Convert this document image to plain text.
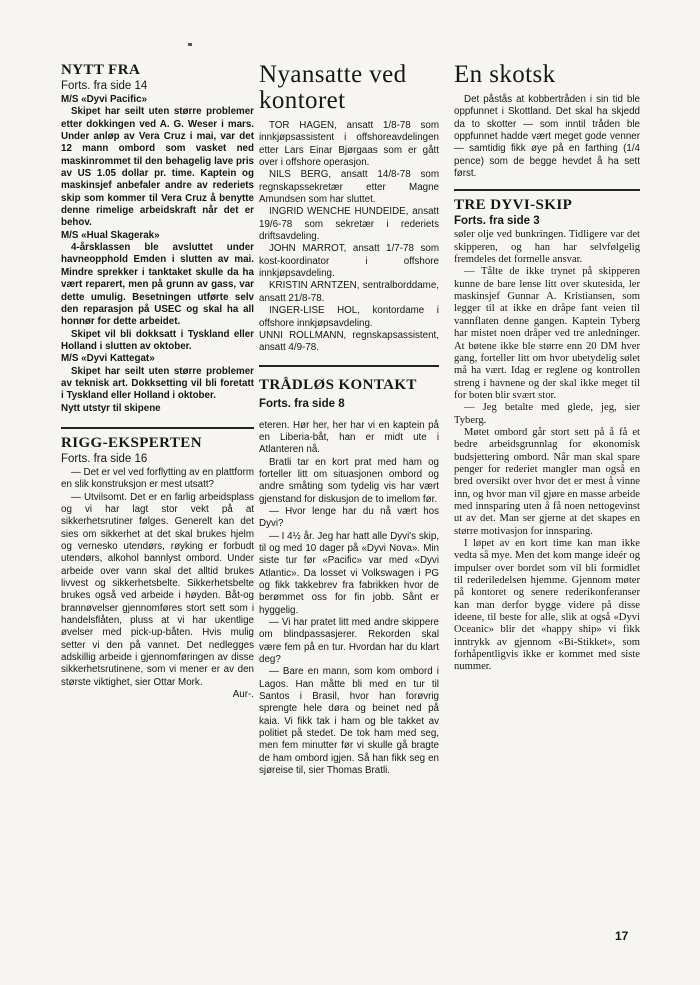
NYTT FRA
Forts. fra side 14

M/S «Dyvi Pacific»

Skipet har seilt uten større problemer etter dokkingen ved A. G. Weser i mars. Under anløp av Vera Cruz i mai, var det 12 mann ombord som vasket ned maskinrommet til den behagelig lave pris av US 1.05 dollar pr. time. Kaptein og maskinsjef anbefaler andre av rederiets skip som kommer til Vera Cruz å benytte denne rimelige arbeidskraft når det er behov.

M/S «Hual Skagerak»

4-årsklassen ble avsluttet under havneopphold Emden i slutten av mai. Mindre sprekker i tanktaket skulle da ha vært reparert, men på grunn av gass, var dette umulig. Besetningen utførte selv den reparasjon på USEC og skal ha all honnør for dette arbeidet.

Skipet vil bli dokksatt i Tyskland eller Holland i slutten av oktober.

M/S «Dyvi Kattegat»

Skipet har seilt uten større problemer av teknisk art. Dokksetting vil bli foretatt i Tyskland eller Holland i oktober.

Nytt utstyr til skipene

RIGG-EKSPERTEN
Forts. fra side 16

— Det er vel ved forflytting av en plattform en slik konstruksjon er mest utsatt?

— Utvilsomt. Det er en farlig arbeidsplass og vi har lagt stor vekt på at sikkerhetsrutiner følges. Generelt kan det sies om sikkerhet at det skal brukes hjelm og vernesko utendørs, røyking er forbudt utendørs, alkohol bannlyst ombord. Under arbeide over vann skal det alltid brukes livvest og sikkerhetsbelte. Sikkerhetsbelte brukes også ved arbeide i høyden. Båt-og brannøvelser gjennomføres stort sett som i handelsflåten, pluss at vi har ukentlige øvelser med pick-up-båten. Hvis mulig setter vi den på vannet. Det nedlegges adskillig arbeide i gjennomføringen av disse sikkerhetsrutinene, som vi mener er av den største viktighet, sier Ottar Mork.

Aur-.

Nyansatte ved kontoret

TOR HAGEN, ansatt 1/8-78 som innkjøpsassistent i offshoreavdelingen etter Lars Einar Bjørgaas som er gått over i offshore operasjon.

NILS BERG, ansatt 14/8-78 som regnskapssekretær etter Magne Amundsen som har sluttet.

INGRID WENCHE HUNDEIDE, ansatt 19/6-78 som sekretær i rederiets driftsavdeling.

JOHN MARROT, ansatt 1/7-78 som kost-koordinator i offshore innkjøpsavdeling.

KRISTIN ARNTZEN, sentralborddame, ansatt 21/8-78.

INGER-LISE HOL, kontordame i offshore innkjøpsavdeling.

UNNI ROLLMANN, regnskapsassistent, ansatt 4/9-78.

TRÅDLØS KONTAKT
Forts. fra side 8

eteren. Hør her, her har vi en kaptein på en Liberia-båt, han er midt ute i Atlanteren nå.

Bratli tar en kort prat med ham og forteller litt om situasjonen ombord og andre småting som tydelig vis har vært gjenstand for diskusjon de to imellom før.

— Hvor lenge har du nå vært hos Dyvi?

— I 4½ år. Jeg har hatt alle Dyvi's skip, til og med 10 dager på «Dyvi Nova». Min siste tur før «Pacific» var med «Dyvi Atlantic». Da losset vi Volkswagen i PG og fikk takkebrev fra fabrikken hvor de berømmet oss for fin jobb. Sånt er hyggelig.

— Vi har pratet litt med andre skippere om blindpassasjerer. Rekorden skal være fem på en tur. Hvordan har du klart deg?

— Bare en mann, som kom ombord i Lagos. Han måtte bli med en tur til Santos i Brasil, hvor han forøvrig sprengte hele døra og beinet ned på kaia. Vi fikk tak i ham og ble takket av politiet på stedet. De tok ham med seg, men fem minutter før vi skulle gå bragte de ham ombord igjen. Så han fikk seg en sjøreise til, sier Thomas Bratli.

En skotsk

Det påstås at kobbertråden i sin tid ble oppfunnet i Skottland. Det skal ha skjedd da to skotter — som inntil tråden ble oppfunnet hadde vært meget gode venner — samtidig fikk øye på en farthing (1/4 pence) som de begge hevdet å ha sett først.

TRE DYVI-SKIP
Forts. fra side 3

søler olje ved bunkringen. Tidligere var det skipperen, og han har selvfølgelig fremdeles det formelle ansvar.

— Tålte de ikke trynet på skipperen kunne de bare lense litt over skutesida, ler maskinsjef Gunnar A. Kristiansen, som legger til at ikke en dråpe fant veien til vannflaten denne gangen. Kaptein Tyberg har mistet noen dråper ved tre anledninger. At bøtene ikke ble større enn 20 DM hver gang, forteller litt om hvor ubetydelig sølet må ha vært. Idag er reglene og kontrollen streng i havnene og der skal ikke meget til for boten blir svært stor.

— Jeg betalte med glede, jeg, sier Tyberg.

Møtet ombord går stort sett på å få et bedre arbeidsgrunnlag for økonomisk budsjettering ombord. Når man skal spare penger for rederiet mangler man også en bred oversikt over hvor det er mest å vinne inn, og hvor man vil gjøre en masse arbeide med innsparing uten å få noen nettogevinst ut av det. Man ser gjerne at det skapes en større motivasjon for innsparing.

I løpet av en kort time kan man ikke vedta så mye. Men det kom mange ideér og impulser over bordet som vil bli formidlet til rederiledelsen hjemme. Gjennom møter på kontoret og senere rederikonferanser kan man derfor bygge videre på disse ideene, til beste for alle, slik at også «Dyvi Oceanic» blir det «happy ship» vi fikk inntrykk av gjennom «Bi-Stikket», som forhåpentligvis ikke er kommet med siste nummer.

17
